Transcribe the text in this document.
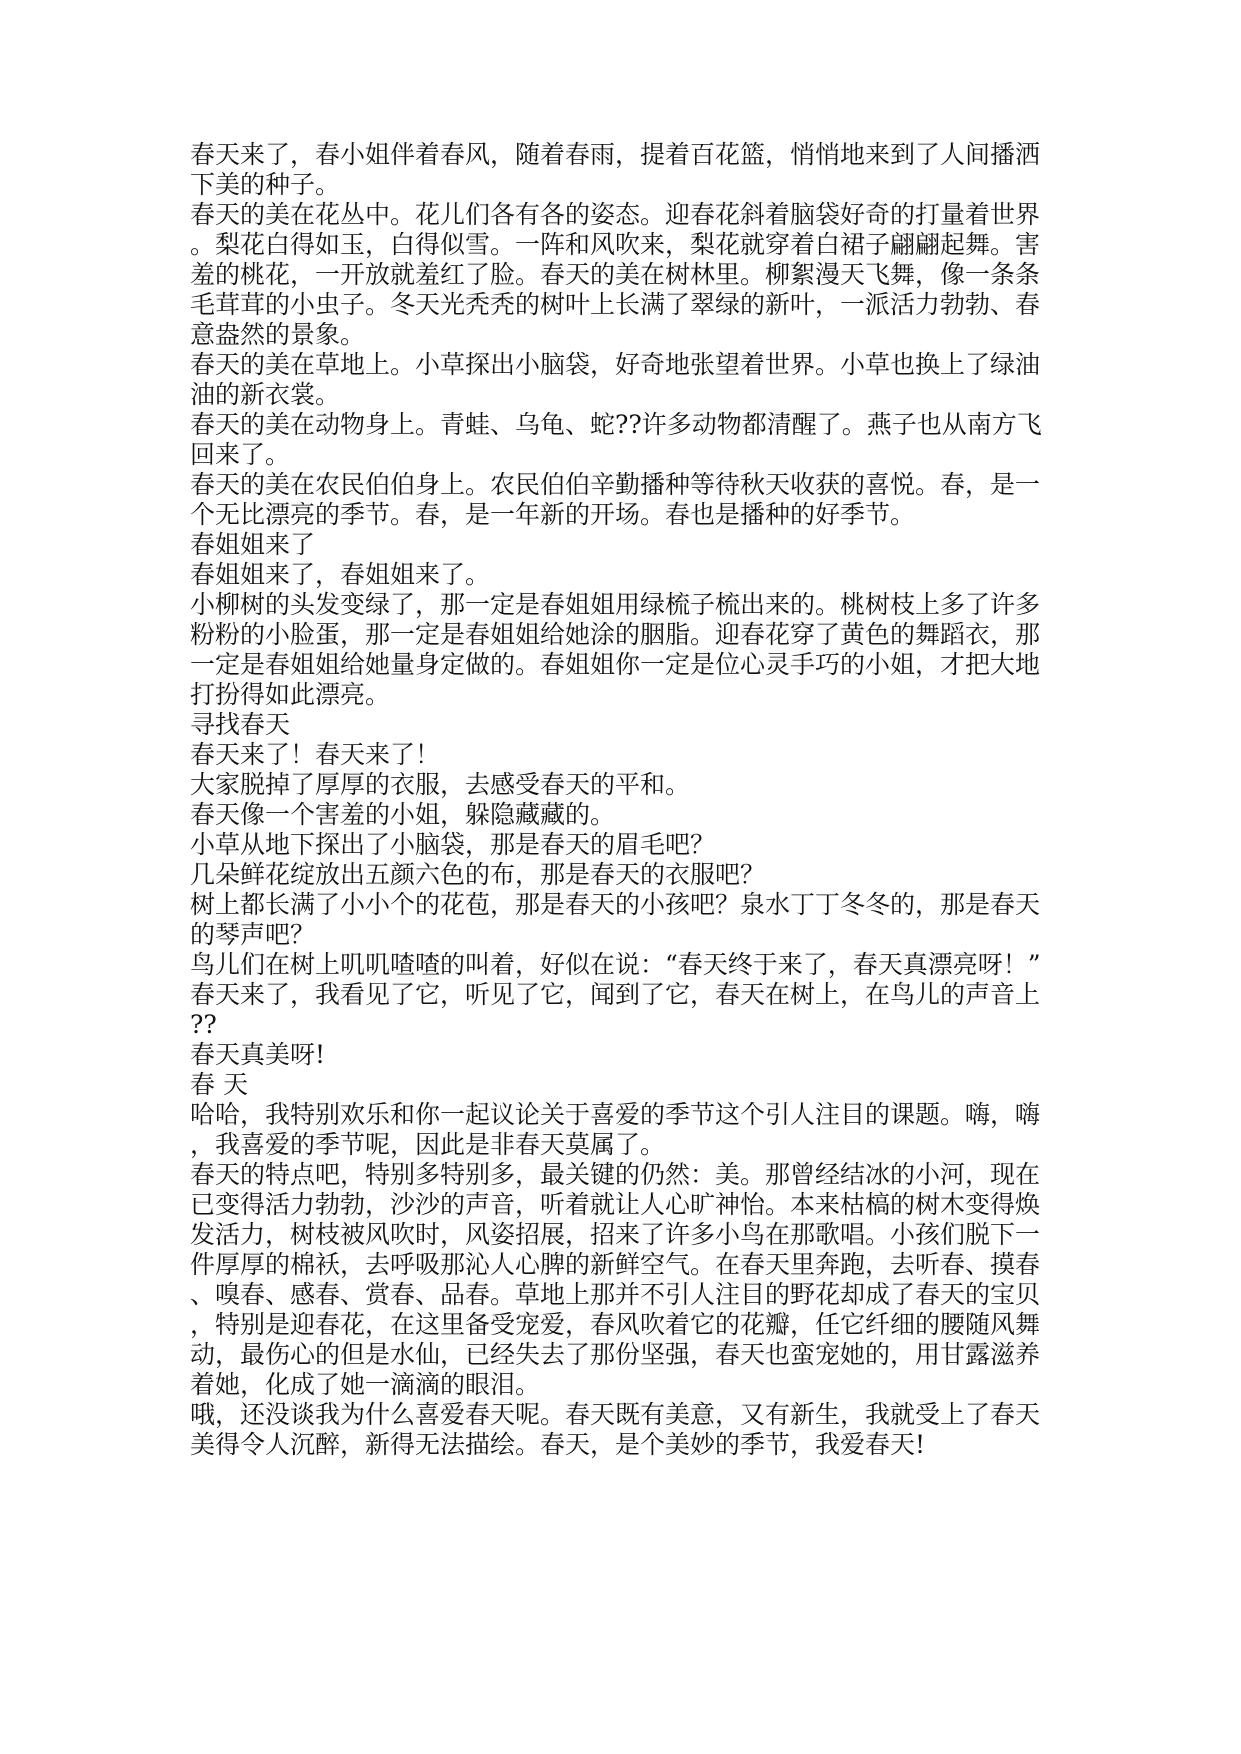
春天来了，春小姐伴着春风，随着春雨，提着百花篮，悄悄地来到了人间播洒

下美的种子。

春天的美在花丛中。花儿们各有各的姿态。迎春花斜着脑袋好奇的打量着世界

。梨花白得如玉，白得似雪。一阵和风吹来，梨花就穿着白裙子翩翩起舞。害

羞的桃花，一开放就羞红了脸。春天的美在树林里。柳絮漫天飞舞，像一条条

毛茸茸的小虫子。冬天光秃秃的树叶上长满了翠绿的新叶，一派活力勃勃、春

意盎然的景象。

春天的美在草地上。小草探出小脑袋，好奇地张望着世界。小草也换上了绿油

油的新衣裳。

春天的美在动物身上。青蛙、乌龟、蛇??许多动物都清醒了。燕子也从南方飞

回来了。

春天的美在农民伯伯身上。农民伯伯辛勤播种等待秋天收获的喜悦。春，是一

个无比漂亮的季节。春，是一年新的开场。春也是播种的好季节。

春姐姐来了

春姐姐来了，春姐姐来了。

小柳树的头发变绿了，那一定是春姐姐用绿梳子梳出来的。桃树枝上多了许多

粉粉的小脸蛋，那一定是春姐姐给她涂的胭脂。迎春花穿了黄色的舞蹈衣，那

一定是春姐姐给她量身定做的。春姐姐你一定是位心灵手巧的小姐，才把大地

打扮得如此漂亮。

寻找春天

春天来了！春天来了！

大家脱掉了厚厚的衣服，去感受春天的平和。

春天像一个害羞的小姐，躲隐藏藏的。

小草从地下探出了小脑袋，那是春天的眉毛吧？

几朵鲜花绽放出五颜六色的布，那是春天的衣服吧？

树上都长满了小小个的花苞，那是春天的小孩吧？泉水丁丁冬冬的，那是春天

的琴声吧？

鸟儿们在树上叽叽喳喳的叫着，好似在说：“春天终于来了，春天真漂亮呀！”

春天来了，我看见了它，听见了它，闻到了它，春天在树上，在鸟儿的声音上

??

春天真美呀!

春 天

哈哈，我特别欢乐和你一起议论关于喜爱的季节这个引人注目的课题。嗨，嗨

，我喜爱的季节呢，因此是非春天莫属了。

春天的特点吧，特别多特别多，最关键的仍然：美。那曾经结冰的小河，现在

已变得活力勃勃，沙沙的声音，听着就让人心旷神怡。本来枯槁的树木变得焕

发活力，树枝被风吹时，风姿招展，招来了许多小鸟在那歌唱。小孩们脱下一

件厚厚的棉袄，去呼吸那沁人心脾的新鲜空气。在春天里奔跑，去听春、摸春

、嗅春、感春、赏春、品春。草地上那并不引人注目的野花却成了春天的宝贝

，特别是迎春花，在这里备受宠爱，春风吹着它的花瓣，任它纤细的腰随风舞

动，最伤心的但是水仙，已经失去了那份坚强，春天也蛮宠她的，用甘露滋养

着她，化成了她一滴滴的眼泪。

哦，还没谈我为什么喜爱春天呢。春天既有美意，又有新生，我就受上了春天

美得令人沉醉，新得无法描绘。春天，是个美妙的季节，我爱春天!
